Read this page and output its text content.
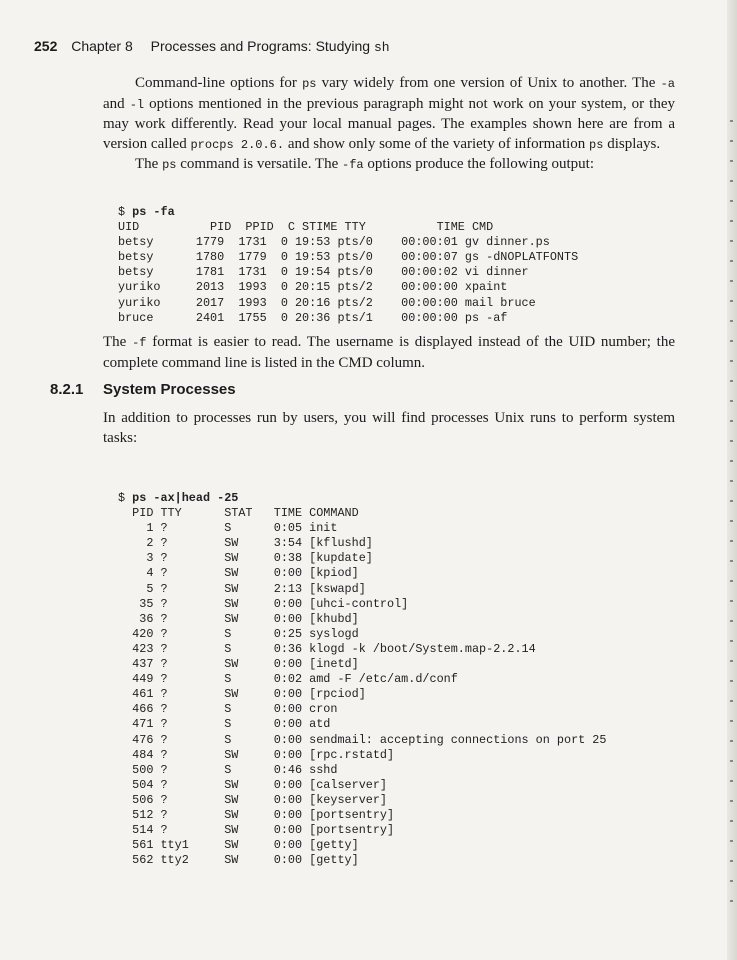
252 Chapter 8 Processes and Programs: Studying sh

Command-line options for ps vary widely from one version of Unix to another. The -a and -l options mentioned in the previous paragraph might not work on your system, or they may work differently. Read your local manual pages. The examples shown here are from a version called procps 2.0.6. and show only some of the variety of information ps displays.

The ps command is versatile. The -fa options produce the following output:

$ ps -fa
UID          PID  PPID  C STIME TTY          TIME CMD
betsy      1779  1731  0 19:53 pts/0    00:00:01 gv dinner.ps
betsy      1780  1779  0 19:53 pts/0    00:00:07 gs -dNOPLATFONTS
betsy      1781  1731  0 19:54 pts/0    00:00:02 vi dinner
yuriko     2013  1993  0 20:15 pts/2    00:00:00 xpaint
yuriko     2017  1993  0 20:16 pts/2    00:00:00 mail bruce
bruce      2401  1755  0 20:36 pts/1    00:00:00 ps -af

The -f format is easier to read. The username is displayed instead of the UID number; the complete command line is listed in the CMD column.

8.2.1 System Processes

In addition to processes run by users, you will find processes Unix runs to perform system tasks:

$ ps -ax|head -25
PID TTY      STAT   TIME COMMAND
1 ?        S      0:05 init
2 ?        SW     3:54 [kflushd]
3 ?        SW     0:38 [kupdate]
4 ?        SW     0:00 [kpiod]
5 ?        SW     2:13 [kswapd]
35 ?        SW     0:00 [uhci-control]
36 ?        SW     0:00 [khubd]
420 ?        S      0:25 syslogd
423 ?        S      0:36 klogd -k /boot/System.map-2.2.14
437 ?        SW     0:00 [inetd]
449 ?        S      0:02 amd -F /etc/am.d/conf
461 ?        SW     0:00 [rpciod]
466 ?        S      0:00 cron
471 ?        S      0:00 atd
476 ?        S      0:00 sendmail: accepting connections on port 25
484 ?        SW     0:00 [rpc.rstatd]
500 ?        S      0:46 sshd
504 ?        SW     0:00 [calserver]
506 ?        SW     0:00 [keyserver]
512 ?        SW     0:00 [portsentry]
514 ?        SW     0:00 [portsentry]
561 tty1     SW     0:00 [getty]
562 tty2     SW     0:00 [getty]
